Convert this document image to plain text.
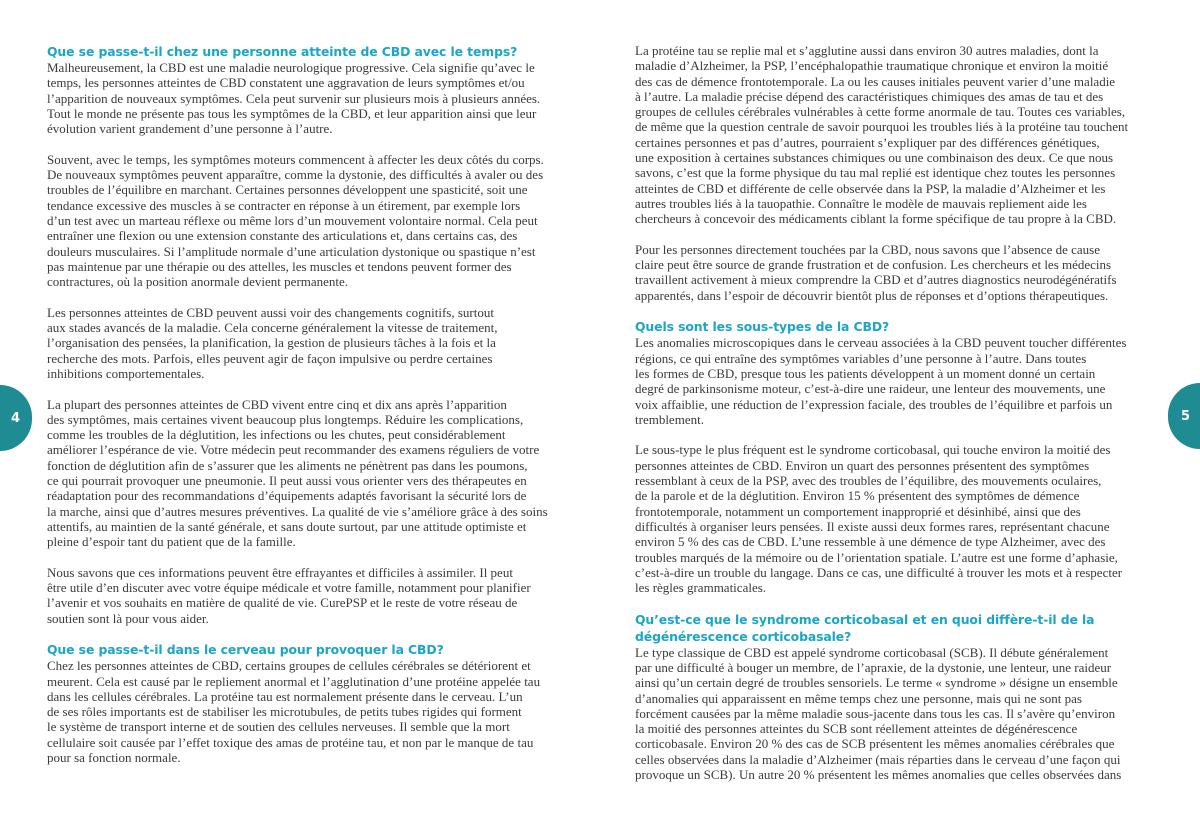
Que se passe-t-il chez une personne atteinte de CBD avec le temps?
Malheureusement, la CBD est une maladie neurologique progressive. Cela signifie qu’avec le
temps, les personnes atteintes de CBD constatent une aggravation de leurs symptômes et/ou
l’apparition de nouveaux symptômes. Cela peut survenir sur plusieurs mois à plusieurs années.
Tout le monde ne présente pas tous les symptômes de la CBD, et leur apparition ainsi que leur
évolution varient grandement d’une personne à l’autre.
Souvent, avec le temps, les symptômes moteurs commencent à affecter les deux côtés du corps.
De nouveaux symptômes peuvent apparaître, comme la dystonie, des difficultés à avaler ou des
troubles de l’équilibre en marchant. Certaines personnes développent une spasticité, soit une
tendance excessive des muscles à se contracter en réponse à un étirement, par exemple lors
d’un test avec un marteau réflexe ou même lors d’un mouvement volontaire normal. Cela peut
entraîner une flexion ou une extension constante des articulations et, dans certains cas, des
douleurs musculaires. Si l’amplitude normale d’une articulation dystonique ou spastique n’est
pas maintenue par une thérapie ou des attelles, les muscles et tendons peuvent former des
contractures, où la position anormale devient permanente.
Les personnes atteintes de CBD peuvent aussi voir des changements cognitifs, surtout
aux stades avancés de la maladie. Cela concerne généralement la vitesse de traitement,
l’organisation des pensées, la planification, la gestion de plusieurs tâches à la fois et la
recherche des mots. Parfois, elles peuvent agir de façon impulsive ou perdre certaines
inhibitions comportementales.
La plupart des personnes atteintes de CBD vivent entre cinq et dix ans après l’apparition
des symptômes, mais certaines vivent beaucoup plus longtemps. Réduire les complications,
comme les troubles de la déglutition, les infections ou les chutes, peut considérablement
améliorer l’espérance de vie. Votre médecin peut recommander des examens réguliers de votre
fonction de déglutition afin de s’assurer que les aliments ne pénètrent pas dans les poumons,
ce qui pourrait provoquer une pneumonie. Il peut aussi vous orienter vers des thérapeutes en
réadaptation pour des recommandations d’équipements adaptés favorisant la sécurité lors de
la marche, ainsi que d’autres mesures préventives. La qualité de vie s’améliore grâce à des soins
attentifs, au maintien de la santé générale, et sans doute surtout, par une attitude optimiste et
pleine d’espoir tant du patient que de la famille.
Nous savons que ces informations peuvent être effrayantes et difficiles à assimiler. Il peut
être utile d’en discuter avec votre équipe médicale et votre famille, notamment pour planifier
l’avenir et vos souhaits en matière de qualité de vie. CurePSP et le reste de votre réseau de
soutien sont là pour vous aider.
Que se passe-t-il dans le cerveau pour provoquer la CBD?
Chez les personnes atteintes de CBD, certains groupes de cellules cérébrales se détériorent et
meurent. Cela est causé par le repliement anormal et l’agglutination d’une protéine appelée tau
dans les cellules cérébrales. La protéine tau est normalement présente dans le cerveau. L’un
de ses rôles importants est de stabiliser les microtubules, de petits tubes rigides qui forment
le système de transport interne et de soutien des cellules nerveuses. Il semble que la mort
cellulaire soit causée par l’effet toxique des amas de protéine tau, et non par le manque de tau
pour sa fonction normale.
La protéine tau se replie mal et s’agglutine aussi dans environ 30 autres maladies, dont la
maladie d’Alzheimer, la PSP, l’encéphalopathie traumatique chronique et environ la moitié
des cas de démence frontotemporale. La ou les causes initiales peuvent varier d’une maladie
à l’autre. La maladie précise dépend des caractéristiques chimiques des amas de tau et des
groupes de cellules cérébrales vulnérables à cette forme anormale de tau. Toutes ces variables,
de même que la question centrale de savoir pourquoi les troubles liés à la protéine tau touchent
certaines personnes et pas d’autres, pourraient s’expliquer par des différences génétiques,
une exposition à certaines substances chimiques ou une combinaison des deux. Ce que nous
savons, c’est que la forme physique du tau mal replié est identique chez toutes les personnes
atteintes de CBD et différente de celle observée dans la PSP, la maladie d’Alzheimer et les
autres troubles liés à la tauopathie. Connaître le modèle de mauvais repliement aide les
chercheurs à concevoir des médicaments ciblant la forme spécifique de tau propre à la CBD.
Pour les personnes directement touchées par la CBD, nous savons que l’absence de cause
claire peut être source de grande frustration et de confusion. Les chercheurs et les médecins
travaillent activement à mieux comprendre la CBD et d’autres diagnostics neurodégénératifs
apparentés, dans l’espoir de découvrir bientôt plus de réponses et d’options thérapeutiques.
Quels sont les sous-types de la CBD?
Les anomalies microscopiques dans le cerveau associées à la CBD peuvent toucher différentes
régions, ce qui entraîne des symptômes variables d’une personne à l’autre. Dans toutes
les formes de CBD, presque tous les patients développent à un moment donné un certain
degré de parkinsonisme moteur, c’est-à-dire une raideur, une lenteur des mouvements, une
voix affaiblie, une réduction de l’expression faciale, des troubles de l’équilibre et parfois un
tremblement.
Le sous-type le plus fréquent est le syndrome corticobasal, qui touche environ la moitié des
personnes atteintes de CBD. Environ un quart des personnes présentent des symptômes
ressemblant à ceux de la PSP, avec des troubles de l’équilibre, des mouvements oculaires,
de la parole et de la déglutition. Environ 15 % présentent des symptômes de démence
frontotemporale, notamment un comportement inapproprié et désinhibé, ainsi que des
difficultés à organiser leurs pensées. Il existe aussi deux formes rares, représentant chacune
environ 5 % des cas de CBD. L’une ressemble à une démence de type Alzheimer, avec des
troubles marqués de la mémoire ou de l’orientation spatiale. L’autre est une forme d’aphasie,
c’est-à-dire un trouble du langage. Dans ce cas, une difficulté à trouver les mots et à respecter
les règles grammaticales.
Qu’est-ce que le syndrome corticobasal et en quoi diffère-t-il de la
dégénérescence corticobasale?
Le type classique de CBD est appelé syndrome corticobasal (SCB). Il débute généralement
par une difficulté à bouger un membre, de l’apraxie, de la dystonie, une lenteur, une raideur
ainsi qu’un certain degré de troubles sensoriels. Le terme « syndrome » désigne un ensemble
d’anomalies qui apparaissent en même temps chez une personne, mais qui ne sont pas
forcément causées par la même maladie sous-jacente dans tous les cas. Il s’avère qu’environ
la moitié des personnes atteintes du SCB sont réellement atteintes de dégénérescence
corticobasale. Environ 20 % des cas de SCB présentent les mêmes anomalies cérébrales que
celles observées dans la maladie d’Alzheimer (mais réparties dans le cerveau d’une façon qui
provoque un SCB). Un autre 20 % présentent les mêmes anomalies que celles observées dans
4	5
